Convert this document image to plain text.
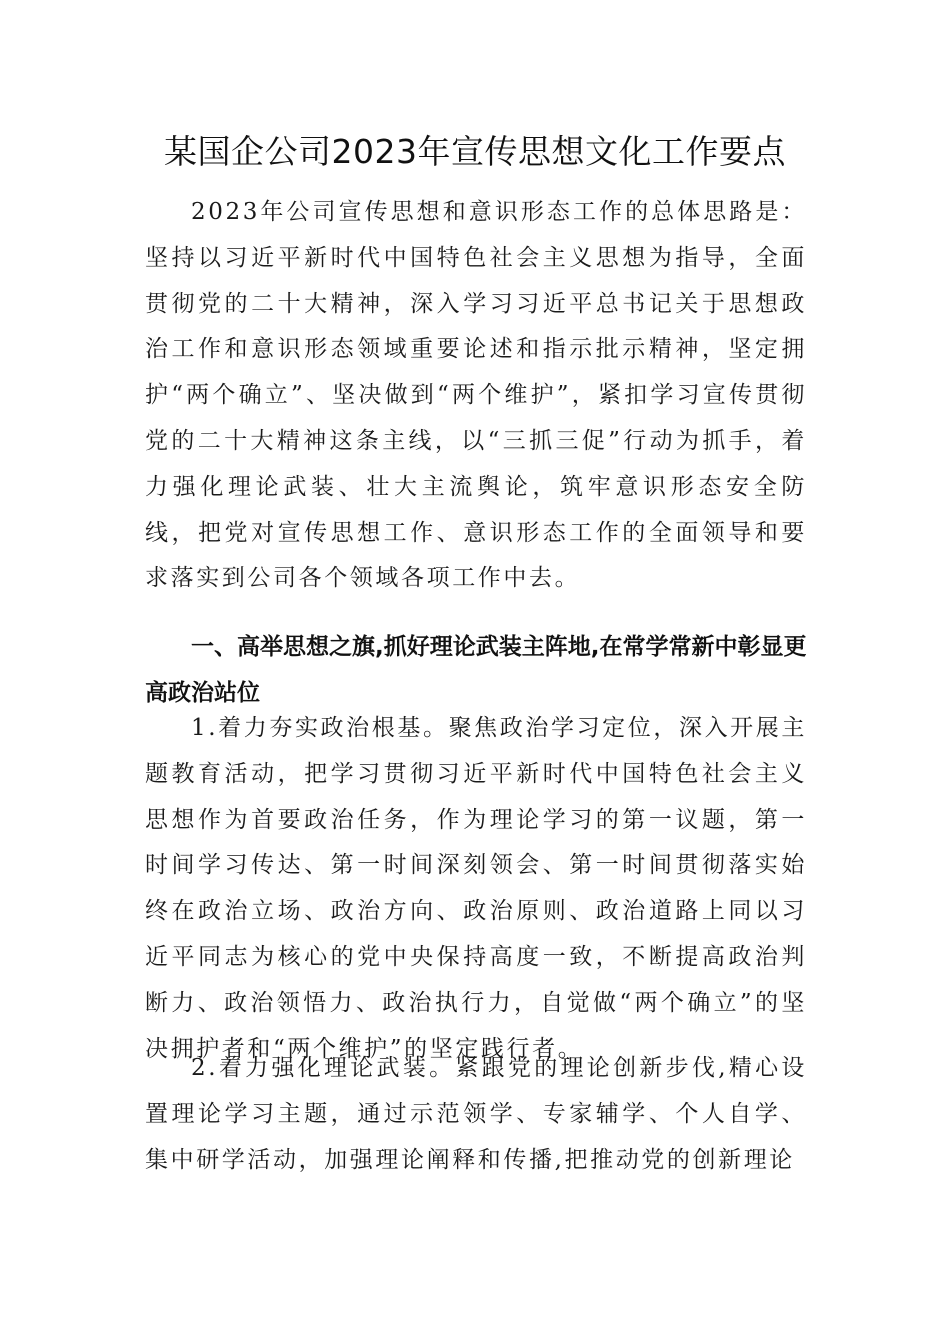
某国企公司2023年宣传思想文化工作要点

2023年公司宣传思想和意识形态工作的总体思路是：坚持以习近平新时代中国特色社会主义思想为指导，全面贯彻党的二十大精神，深入学习习近平总书记关于思想政治工作和意识形态领域重要论述和指示批示精神，坚定拥护“两个确立”、坚决做到“两个维护”，紧扣学习宣传贯彻党的二十大精神这条主线，以“三抓三促”行动为抓手，着力强化理论武装、壮大主流舆论，筑牢意识形态安全防线，把党对宣传思想工作、意识形态工作的全面领导和要求落实到公司各个领域各项工作中去。

一、高举思想之旗,抓好理论武装主阵地,在常学常新中彰显更高政治站位

1.着力夯实政治根基。聚焦政治学习定位，深入开展主题教育活动，把学习贯彻习近平新时代中国特色社会主义思想作为首要政治任务，作为理论学习的第一议题，第一时间学习传达、第一时间深刻领会、第一时间贯彻落实始终在政治立场、政治方向、政治原则、政治道路上同以习近平同志为核心的党中央保持高度一致，不断提高政治判断力、政治领悟力、政治执行力，自觉做“两个确立”的坚决拥护者和“两个维护”的坚定践行者。

2.着力强化理论武装。紧跟党的理论创新步伐,精心设置理论学习主题，通过示范领学、专家辅学、个人自学、集中研学活动，加强理论阐释和传播,把推动党的创新理论
